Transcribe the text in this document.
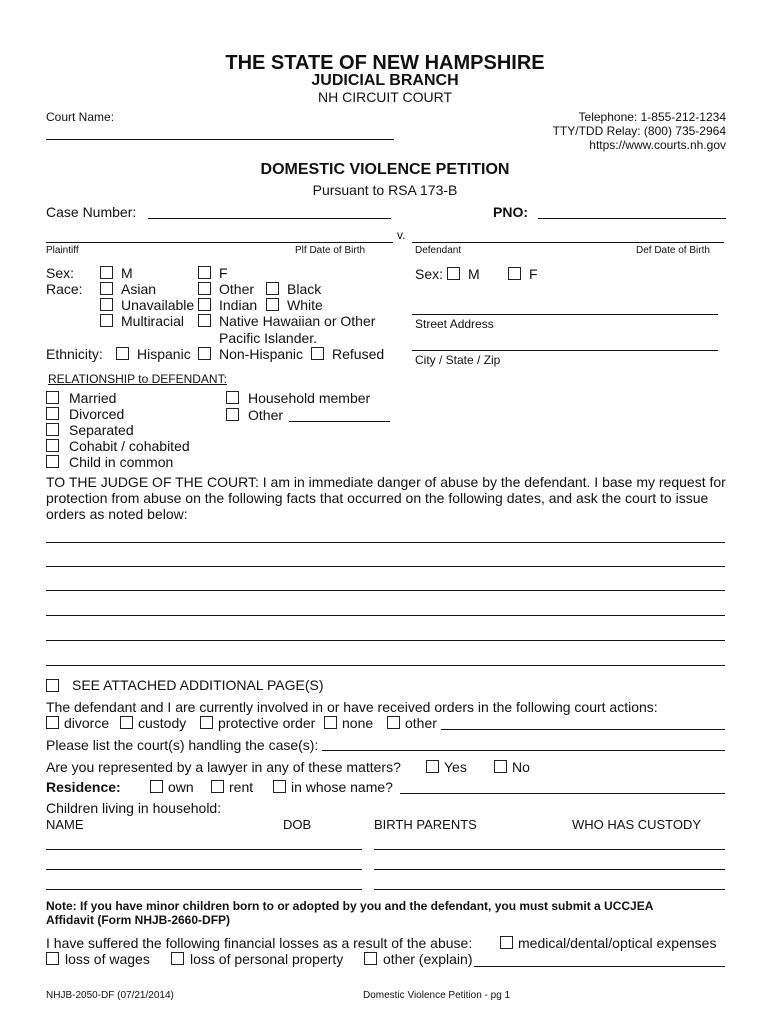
THE STATE OF NEW HAMPSHIRE
JUDICIAL BRANCH
NH CIRCUIT COURT
Court Name:	Telephone: 1-855-212-1234
TTY/TDD Relay: (800) 735-2964
https://www.courts.nh.gov
DOMESTIC VIOLENCE PETITION
Pursuant to RSA 173-B
Case Number:	PNO:
v.
Plaintiff	Plf Date of Birth	Defendant	Def Date of Birth
Sex:	M	F
Race:	Asian	Other Black
Unavailable Indian White
Multiracial Native Hawaiian or Other
Pacific Islander.
Ethnicity: Hispanic Non-Hispanic Refused
Sex: M	F
Street Address
City / State / Zip
RELATIONSHIP to DEFENDANT:
Married
Divorced
Separated
Cohabit / cohabited
Child in common
Household member
Other
TO THE JUDGE OF THE COURT: I am in immediate danger of abuse by the defendant. I base my request for
protection from abuse on the following facts that occurred on the following dates, and ask the court to issue
orders as noted below:
SEE ATTACHED ADDITIONAL PAGE(S)
The defendant and I are currently involved in or have received orders in the following court actions:
divorce custody protective order none other
Please list the court(s) handling the case(s):
Are you represented by a lawyer in any of these matters?	Yes	No
Residence:	own	rent	in whose name?
Children living in household:
NAME	DOB	BIRTH PARENTS	WHO HAS CUSTODY
Note: If you have minor children born to or adopted by you and the defendant, you must submit a UCCJEA
Affidavit (Form NHJB-2660-DFP)
I have suffered the following financial losses as a result of the abuse:	medical/dental/optical expenses
loss of wages	loss of personal property	other (explain)
NHJB-2050-DF (07/21/2014)	Domestic Violence Petition - pg 1
